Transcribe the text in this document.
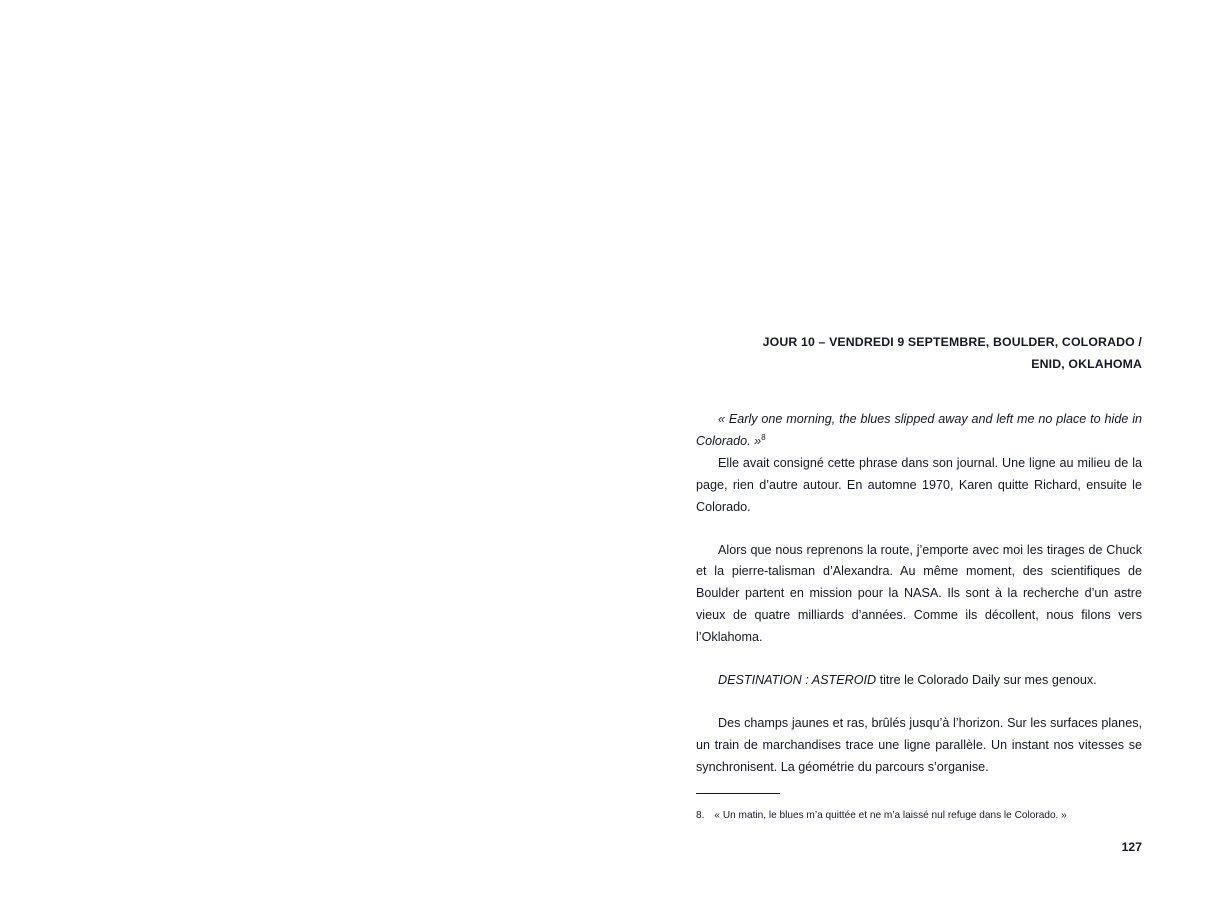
JOUR 10 – VENDREDI 9 SEPTEMBRE, BOULDER, COLORADO /
ENID, OKLAHOMA

« Early one morning, the blues slipped away and left me no place to hide in Colorado. »$^8$

Elle avait consigné cette phrase dans son journal. Une ligne au milieu de la page, rien d’autre autour. En automne 1970, Karen quitte Richard, ensuite le Colorado.

Alors que nous reprenons la route, j’emporte avec moi les tirages de Chuck et la pierre-talisman d’Alexandra. Au même moment, des scientifiques de Boulder partent en mission pour la NASA. Ils sont à la recherche d’un astre vieux de quatre milliards d’années. Comme ils décollent, nous filons vers l’Oklahoma.

DESTINATION : ASTEROID titre le Colorado Daily sur mes genoux.

Des champs jaunes et ras, brûlés jusqu’à l’horizon. Sur les surfaces planes, un train de marchandises trace une ligne parallèle. Un instant nos vitesses se synchronisent. La géométrie du parcours s’organise.

8. « Un matin, le blues m’a quittée et ne m’a laissé nul refuge dans le Colorado. »
127
